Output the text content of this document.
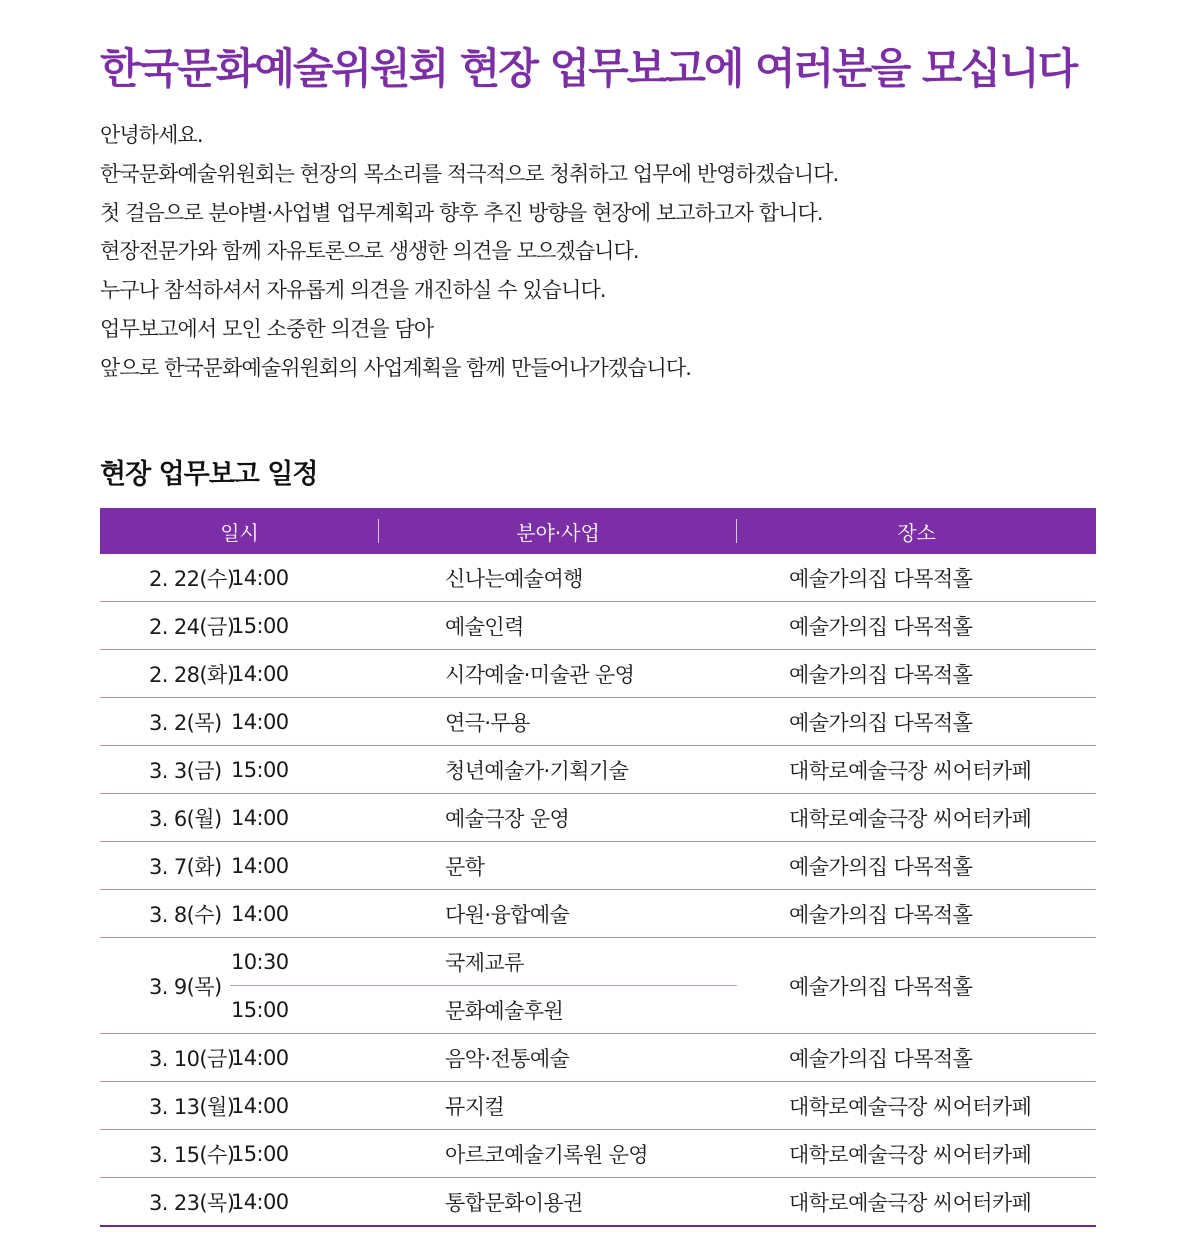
한국문화예술위원회 현장 업무보고에 여러분을 모십니다

안녕하세요.

한국문화예술위원회는 현장의 목소리를 적극적으로 청취하고 업무에 반영하겠습니다.

첫 걸음으로 분야별·사업별 업무계획과 향후 추진 방향을 현장에 보고하고자 합니다.

현장전문가와 함께 자유토론으로 생생한 의견을 모으겠습니다.

누구나 참석하셔서 자유롭게 의견을 개진하실 수 있습니다.

업무보고에서 모인 소중한 의견을 담아

앞으로 한국문화예술위원회의 사업계획을 함께 만들어나가겠습니다.

현장 업무보고 일정
일시		분야·사업	장소
2. 22(수)	14:00	신나는예술여행	예술가의집 다목적홀
2. 24(금)	15:00	예술인력	예술가의집 다목적홀
2. 28(화)	14:00	시각예술·미술관 운영	예술가의집 다목적홀
3. 2(목)	14:00	연극·무용	예술가의집 다목적홀
3. 3(금)	15:00	청년예술가·기획기술	대학로예술극장 씨어터카페
3. 6(월)	14:00	예술극장 운영	대학로예술극장 씨어터카페
3. 7(화)	14:00	문학	예술가의집 다목적홀
3. 8(수)	14:00	다원·융합예술	예술가의집 다목적홀
3. 9(목)	10:30	국제교류	예술가의집 다목적홀
	15:00	문화예술후원	
3. 10(금)	14:00	음악·전통예술	예술가의집 다목적홀
3. 13(월)	14:00	뮤지컬	대학로예술극장 씨어터카페
3. 15(수)	15:00	아르코예술기록원 운영	대학로예술극장 씨어터카페
3. 23(목)	14:00	통합문화이용권	대학로예술극장 씨어터카페
